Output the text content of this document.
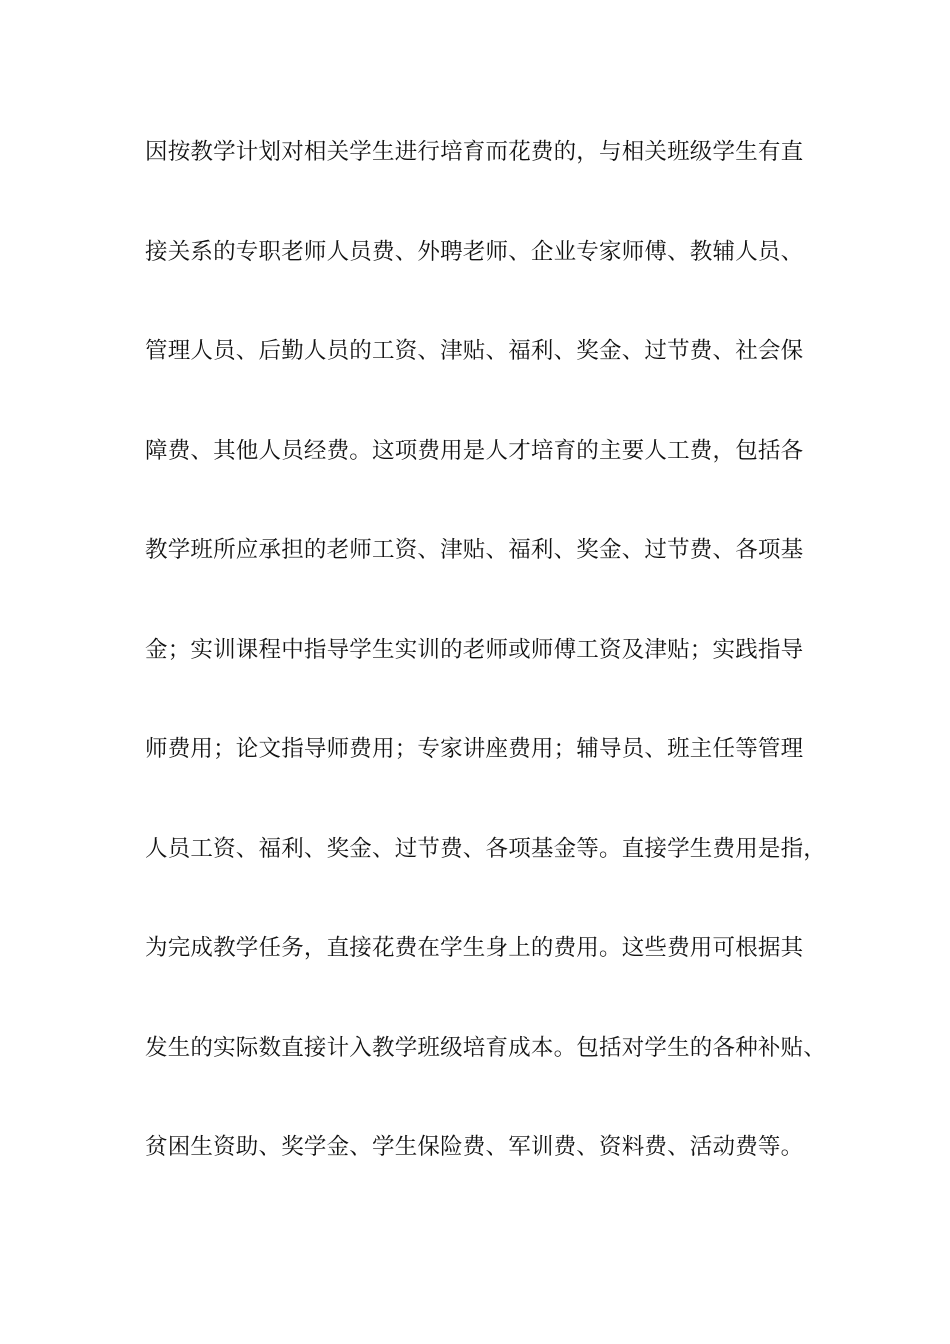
因按教学计划对相关学生进行培育而花费的，与相关班级学生有直
接关系的专职老师人员费、外聘老师、企业专家师傅、教辅人员、
管理人员、后勤人员的工资、津贴、福利、奖金、过节费、社会保
障费、其他人员经费。这项费用是人才培育的主要人工费，包括各
教学班所应承担的老师工资、津贴、福利、奖金、过节费、各项基
金；实训课程中指导学生实训的老师或师傅工资及津贴；实践指导
师费用；论文指导师费用；专家讲座费用；辅导员、班主任等管理
人员工资、福利、奖金、过节费、各项基金等。直接学生费用是指，
为完成教学任务，直接花费在学生身上的费用。这些费用可根据其
发生的实际数直接计入教学班级培育成本。包括对学生的各种补贴、
贫困生资助、奖学金、学生保险费、军训费、资料费、活动费等。
